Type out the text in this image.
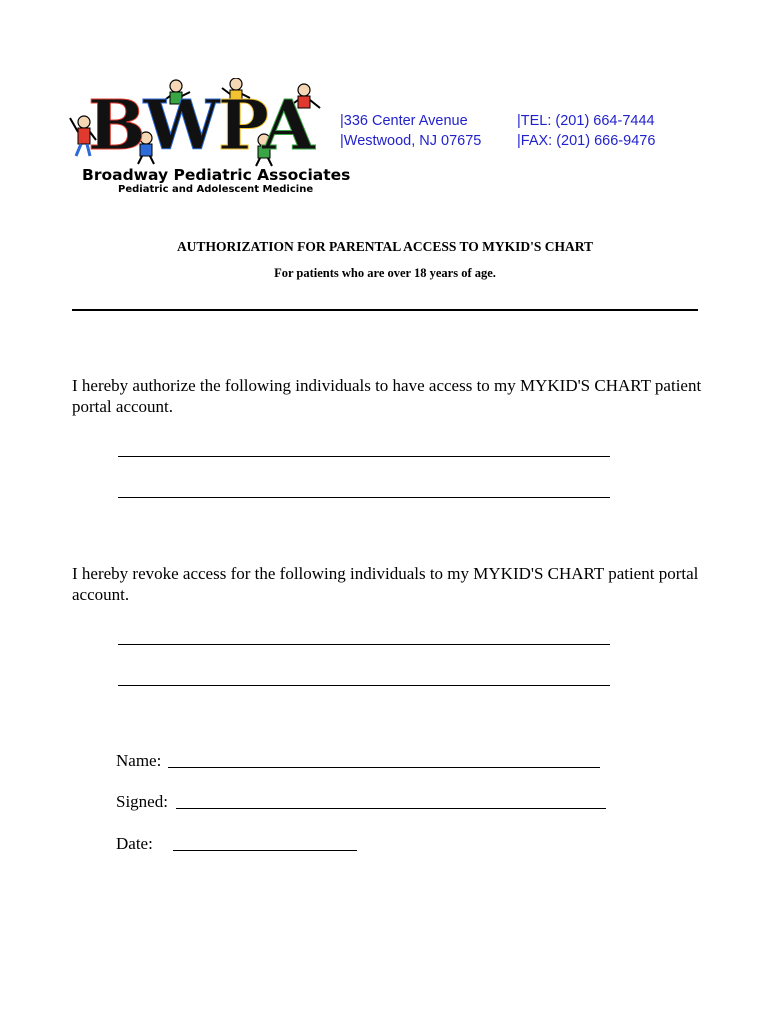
BWPA
Broadway Pediatric Associates
Pediatric and Adolescent Medicine
|336 Center Avenue
|Westwood, NJ 07675
|TEL: (201) 664-7444
|FAX: (201) 666-9476
AUTHORIZATION FOR PARENTAL ACCESS TO MYKID'S CHART
For patients who are over 18 years of age.
I hereby authorize the following individuals to have access to my MYKID'S CHART patient portal account.
I hereby revoke access for the following individuals to my MYKID'S CHART patient portal account.
Name:
Signed:
Date:
